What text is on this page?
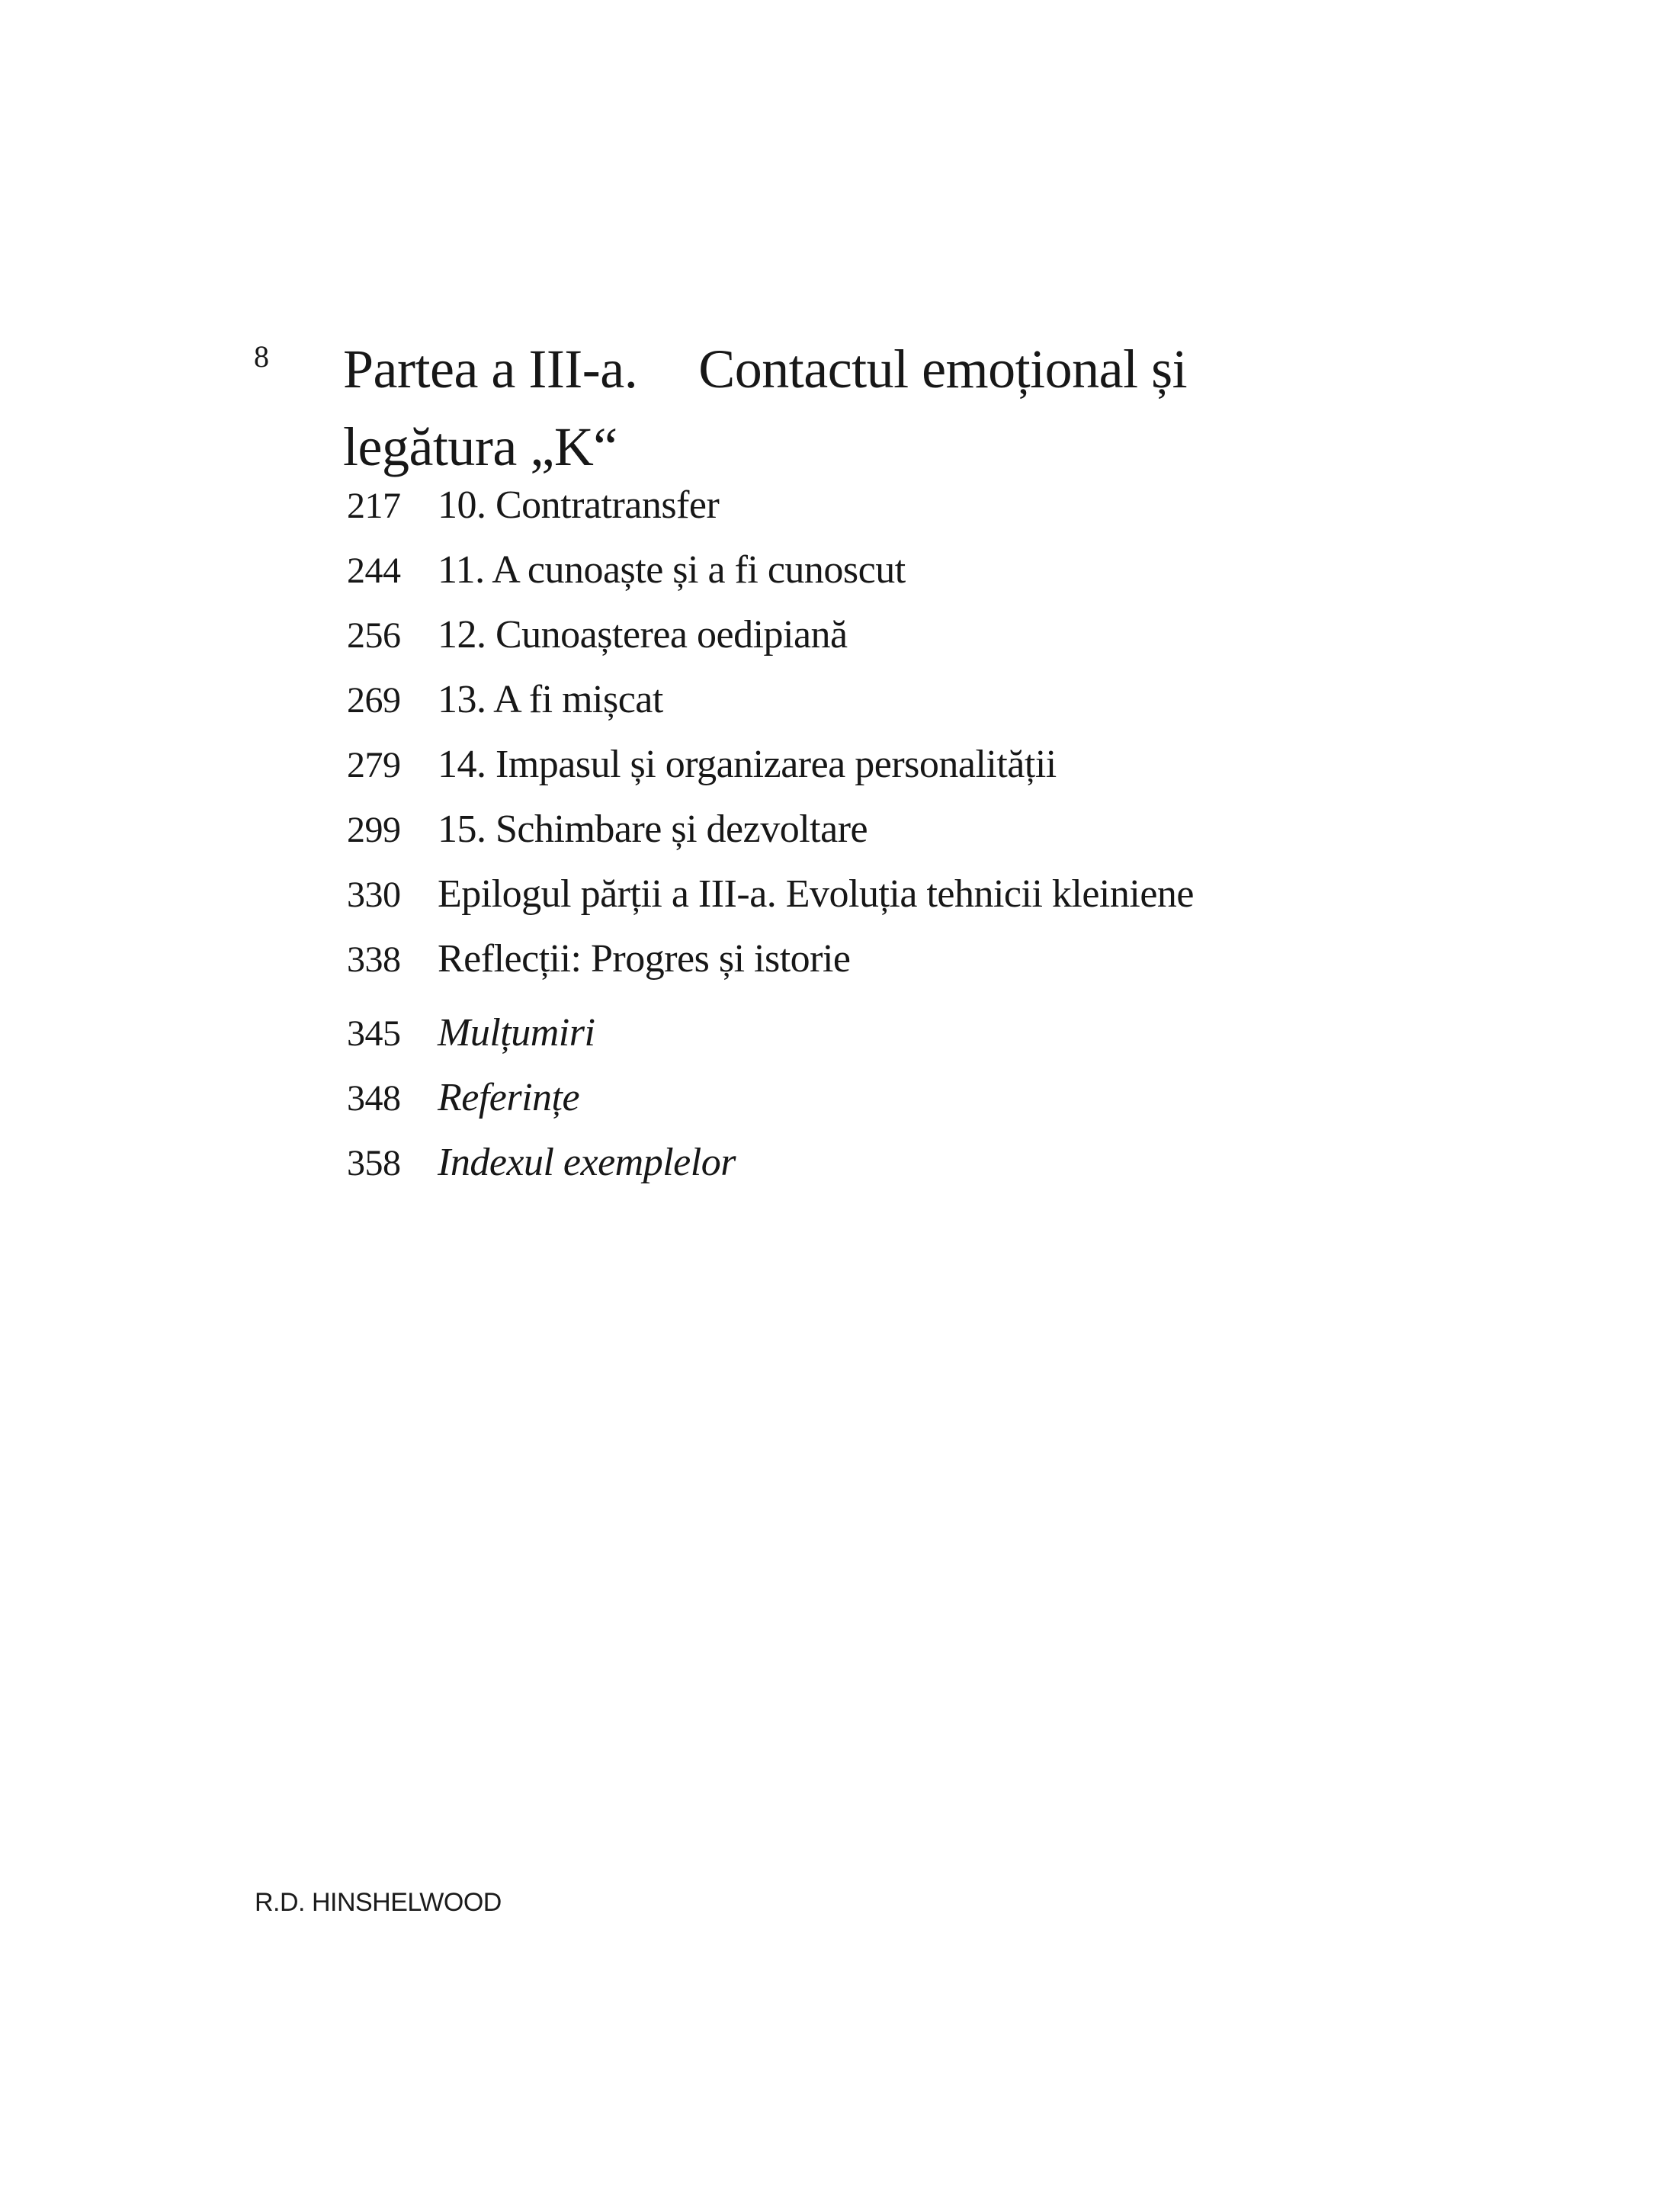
8 Partea a III-a. Contactul emoțional și
legătura „K“
217 10. Contratransfer
244 11. A cunoaște și a fi cunoscut
256 12. Cunoașterea oedipiană
269 13. A fi mișcat
279 14. Impasul și organizarea personalității
299 15. Schimbare și dezvoltare
330 Epilogul părții a III-a. Evoluția tehnicii kleiniene
338 Reflecții: Progres și istorie
345 Mulțumiri
348 Referințe
358 Indexul exemplelor
R.D. HINSHELWOOD
